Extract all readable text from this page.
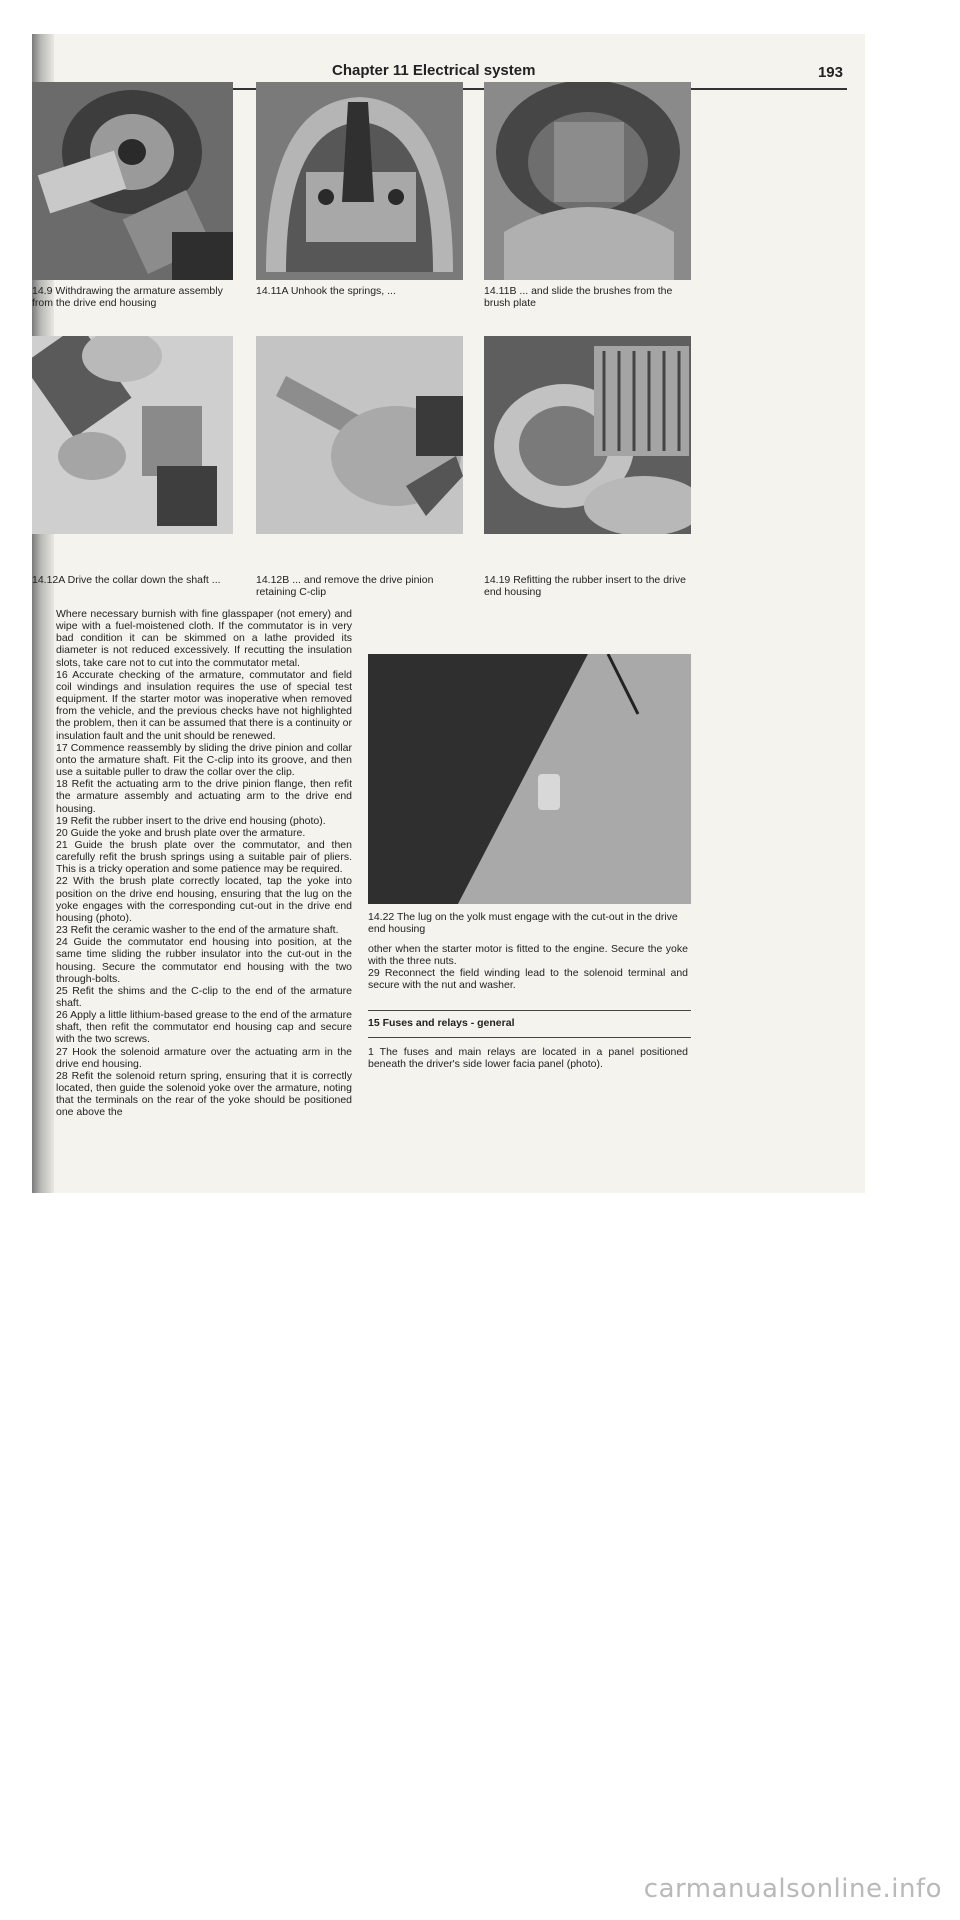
Chapter 11 Electrical system	193
14.9 Withdrawing the armature assembly from the drive end housing
14.11A Unhook the springs, ...	14.11B ... and slide the brushes from the brush plate
14.12A Drive the collar down the shaft ...	14.12B ... and remove the drive pinion retaining C-clip
14.19 Refitting the rubber insert to the drive end housing

Where necessary burnish with fine glasspaper (not emery) and wipe with a fuel-moistened cloth. If the commutator is in very bad condition it can be skimmed on a lathe provided its diameter is not reduced excessively. If recutting the insulation slots, take care not to cut into the commutator metal.

16 Accurate checking of the armature, commutator and field coil windings and insulation requires the use of special test equipment. If the starter motor was inoperative when removed from the vehicle, and the previous checks have not highlighted the problem, then it can be assumed that there is a continuity or insulation fault and the unit should be renewed.

17 Commence reassembly by sliding the drive pinion and collar onto the armature shaft. Fit the C-clip into its groove, and then use a suitable puller to draw the collar over the clip.

18 Refit the actuating arm to the drive pinion flange, then refit the armature assembly and actuating arm to the drive end housing.

19 Refit the rubber insert to the drive end housing (photo).

20 Guide the yoke and brush plate over the armature.

21 Guide the brush plate over the commutator, and then carefully refit the brush springs using a suitable pair of pliers. This is a tricky operation and some patience may be required.

22 With the brush plate correctly located, tap the yoke into position on the drive end housing, ensuring that the lug on the yoke engages with the corresponding cut-out in the drive end housing (photo).

23 Refit the ceramic washer to the end of the armature shaft.

24 Guide the commutator end housing into position, at the same time sliding the rubber insulator into the cut-out in the housing. Secure the commutator end housing with the two through-bolts.

25 Refit the shims and the C-clip to the end of the armature shaft.

26 Apply a little lithium-based grease to the end of the armature shaft, then refit the commutator end housing cap and secure with the two screws.

27 Hook the solenoid armature over the actuating arm in the drive end housing.

28 Refit the solenoid return spring, ensuring that it is correctly located, then guide the solenoid yoke over the armature, noting that the terminals on the rear of the yoke should be positioned one above the

14.22 The lug on the yolk must engage with the cut-out in the drive end housing

other when the starter motor is fitted to the engine. Secure the yoke with the three nuts.

29 Reconnect the field winding lead to the solenoid terminal and secure with the nut and washer.

15 Fuses and relays - general
1 The fuses and main relays are located in a panel positioned beneath the driver's side lower facia panel (photo).
carmanualsonline.info
